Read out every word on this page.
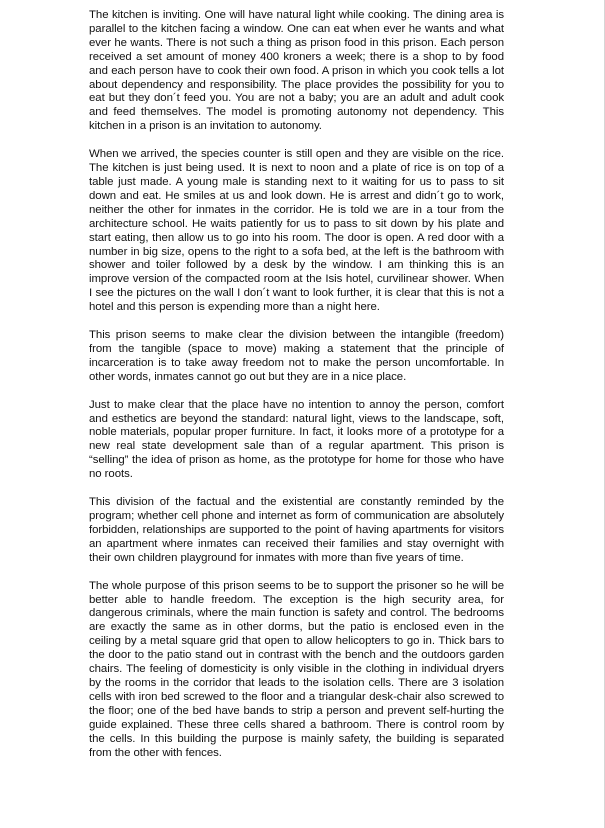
The kitchen is inviting. One will have natural light while cooking. The dining area is parallel to the kitchen facing a window. One can eat when ever he wants and what ever he wants. There is not such a thing as prison food in this prison. Each person received a set amount of money 400 kroners a week; there is a shop to by food and each person have to cook their own food. A prison in which you cook tells a lot about dependency and responsibility. The place provides the possibility for you to eat but they don´t feed you. You are not a baby; you are an adult and adult cook and feed themselves. The model is promoting autonomy not dependency. This kitchen in a prison is an invitation to autonomy.

When we arrived, the species counter is still open and they are visible on the rice. The kitchen is just being used. It is next to noon and a plate of rice is on top of a table just made. A young male is standing next to it waiting for us to pass to sit down and eat. He smiles at us and look down. He is arrest and didn´t go to work, neither the other for inmates in the corridor. He is told we are in a tour from the architecture school. He waits patiently for us to pass to sit down by his plate and start eating, then allow us to go into his room. The door is open. A red door with a number in big size, opens to the right to a sofa bed, at the left is the bathroom with shower and toiler followed by a desk by the window. I am thinking this is an improve version of the compacted room at the Isis hotel, curvilinear shower. When I see the pictures on the wall I don´t want to look further, it is clear that this is not a hotel and this person is expending more than a night here.

This prison seems to make clear the division between the intangible (freedom) from the tangible (space to move) making a statement that the principle of incarceration is to take away freedom not to make the person uncomfortable. In other words, inmates cannot go out but they are in a nice place.

Just to make clear that the place have no intention to annoy the person, comfort and esthetics are beyond the standard: natural light, views to the landscape, soft, noble materials, popular proper furniture. In fact, it looks more of a prototype for a new real state development sale than of a regular apartment. This prison is “selling” the idea of prison as home, as the prototype for home for those who have no roots.

This division of the factual and the existential are constantly reminded by the program; whether cell phone and internet as form of communication are absolutely forbidden, relationships are supported to the point of having apartments for visitors an apartment where inmates can received their families and stay overnight with their own children playground for inmates with more than five years of time.

The whole purpose of this prison seems to be to support the prisoner so he will be better able to handle freedom. The exception is the high security area, for dangerous criminals, where the main function is safety and control. The bedrooms are exactly the same as in other dorms, but the patio is enclosed even in the ceiling by a metal square grid that open to allow helicopters to go in. Thick bars to the door to the patio stand out in contrast with the bench and the outdoors garden chairs. The feeling of domesticity is only visible in the clothing in individual dryers by the rooms in the corridor that leads to the isolation cells. There are 3 isolation cells with iron bed screwed to the floor and a triangular desk-chair also screwed to the floor; one of the bed have bands to strip a person and prevent self-hurting the guide explained. These three cells shared a bathroom. There is control room by the cells. In this building the purpose is mainly safety, the building is separated from the other with fences.
